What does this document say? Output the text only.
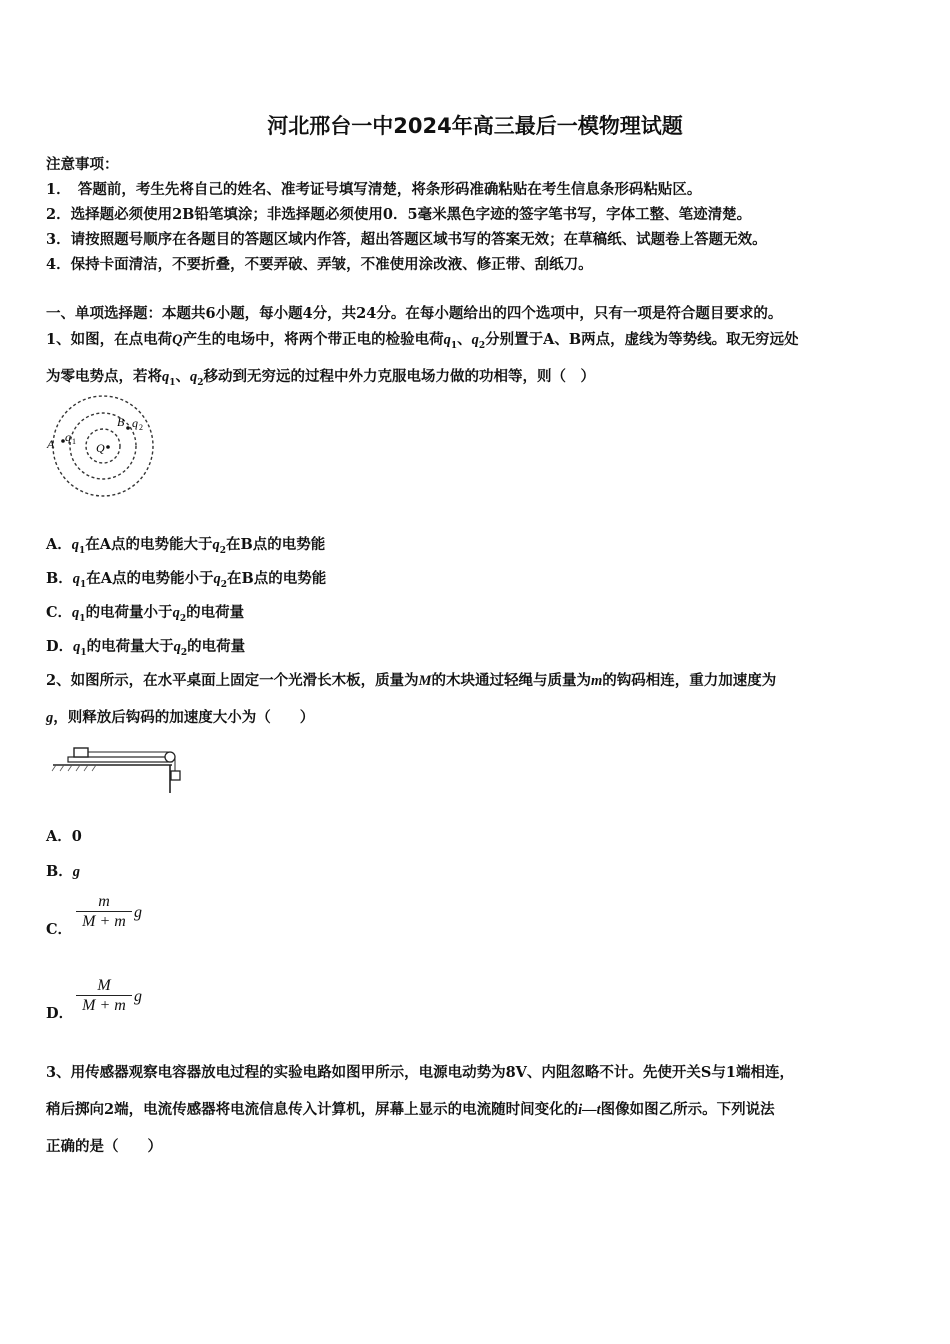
河北邢台一中2024年高三最后一模物理试题
注意事项：
1．　答题前，考生先将自己的姓名、准考证号填写清楚，将条形码准确粘贴在考生信息条形码粘贴区。
2．选择题必须使用2B铅笔填涂；非选择题必须使用0．5毫米黑色字迹的签字笔书写，字体工整、笔迹清楚。
3．请按照题号顺序在各题目的答题区域内作答，超出答题区域书写的答案无效；在草稿纸、试题卷上答题无效。
4．保持卡面清洁，不要折叠，不要弄破、弄皱，不准使用涂改液、修正带、刮纸刀。
一、单项选择题：本题共6小题，每小题4分，共24分。在每小题给出的四个选项中，只有一项是符合题目要求的。
1、如图，在点电荷Q产生的电场中，将两个带正电的检验电荷$q_1$、$q_2$分别置于A、B两点，虚线为等势线。取无穷远处
为零电势点，若将$q_1$、$q_2$移动到无穷远的过程中外力克服电场力做的功相等，则（　）
Q
A q 1
B q 2
A．$q_1$在A点的电势能大于$q_2$在B点的电势能
B．$q_1$在A点的电势能小于$q_2$在B点的电势能
C．$q_1$的电荷量小于$q_2$的电荷量
D．$q_1$的电荷量大于$q_2$的电荷量
2、如图所示，在水平桌面上固定一个光滑长木板，质量为M的木块通过轻绳与质量为m的钩码相连，重力加速度为
g，则释放后钩码的加速度大小为（　　）
A．0
B．g
C． $\frac{m}{M + m}$ g
D． $\frac{M}{M + m}$ g
3、用传感器观察电容器放电过程的实验电路如图甲所示，电源电动势为8V、内阻忽略不计。先使开关S与1端相连，
稍后掷向2端，电流传感器将电流信息传入计算机，屏幕上显示的电流随时间变化的i—t图像如图乙所示。下列说法
正确的是（　　）
